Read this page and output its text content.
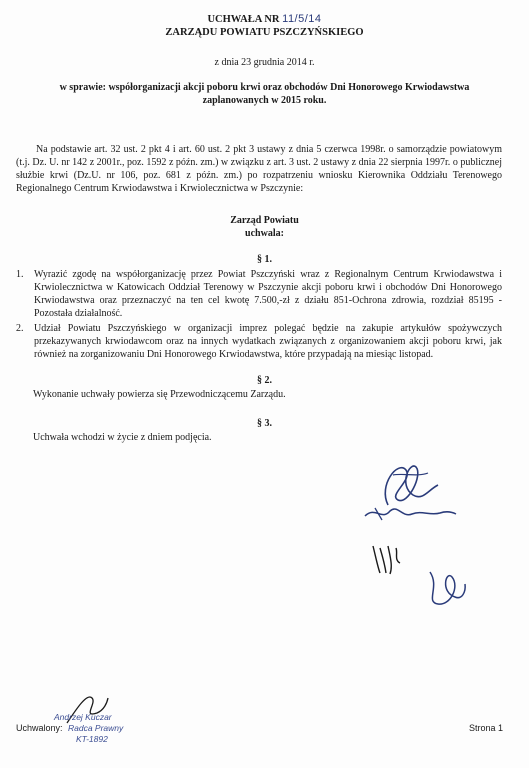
UCHWAŁA NR 11/5/14
ZARZĄDU POWIATU PSZCZYŃSKIEGO
z dnia 23 grudnia 2014 r.
w sprawie: współorganizacji akcji poboru krwi oraz obchodów Dni Honorowego Krwiodawstwa zaplanowanych w 2015 roku.
Na podstawie art. 32 ust. 2 pkt 4 i art. 60 ust. 2 pkt 3 ustawy z dnia 5 czerwca 1998r. o samorządzie powiatowym (t.j. Dz. U. nr 142 z 2001r., poz. 1592 z późn. zm.) w związku z art. 3 ust. 2 ustawy z dnia 22 sierpnia 1997r. o publicznej służbie krwi (Dz.U. nr 106, poz. 681 z późn. zm.) po rozpatrzeniu wniosku Kierownika Oddziału Terenowego Regionalnego Centrum Krwiodawstwa i Krwiolecznictwa w Pszczynie:
Zarząd Powiatu
uchwala:
§ 1.
1. Wyrazić zgodę na współorganizację przez Powiat Pszczyński wraz z Regionalnym Centrum Krwiodawstwa i Krwiolecznictwa w Katowicach Oddział Terenowy w Pszczynie akcji poboru krwi i obchodów Dni Honorowego Krwiodawstwa oraz przeznaczyć na ten cel kwotę 7.500,-zł z działu 851-Ochrona zdrowia, rozdział 85195 - Pozostała działalność.
2. Udział Powiatu Pszczyńskiego w organizacji imprez polegać będzie na zakupie artykułów spożywczych przekazywanych krwiodawcom oraz na innych wydatkach związanych z organizowaniem akcji poboru krwi, jak również na zorganizowaniu Dni Honorowego Krwiodawstwa, które przypadają na miesiąc listopad.
§ 2.
Wykonanie uchwały powierza się Przewodniczącemu Zarządu.
§ 3.
Uchwała wchodzi w życie z dniem podjęcia.
Andrzej Kuczar
Radca Prawny
KT-1892
Uchwalony:	Strona 1
